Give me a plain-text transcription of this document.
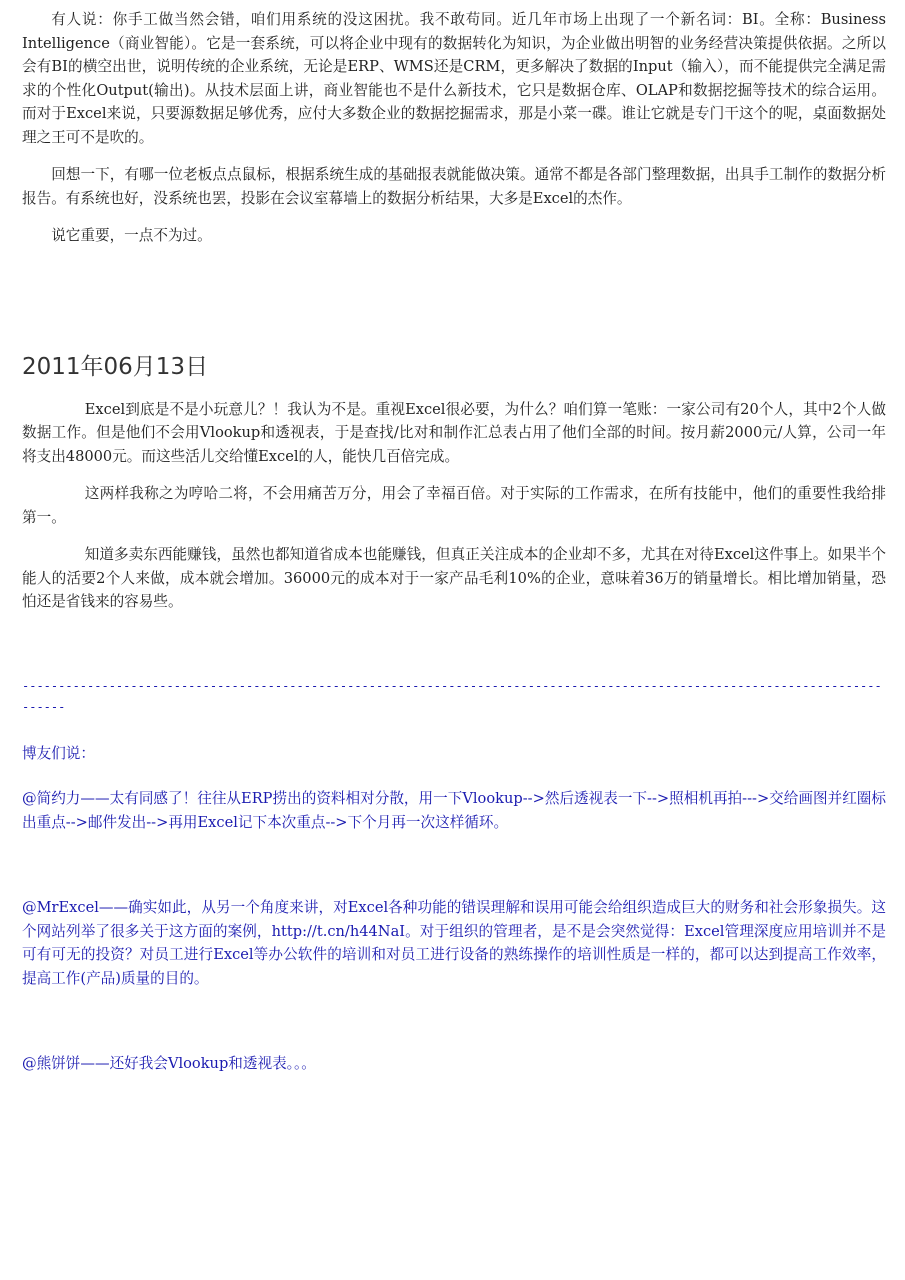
有人说：你手工做当然会错，咱们用系统的没这困扰。我不敢苟同。近几年市场上出现了一个新名词：BI。全称：Business Intelligence（商业智能）。它是一套系统，可以将企业中现有的数据转化为知识，为企业做出明智的业务经营决策提供依据。之所以会有BI的横空出世，说明传统的企业系统，无论是ERP、WMS还是CRM，更多解决了数据的Input（输入），而不能提供完全满足需求的个性化Output(输出)。从技术层面上讲，商业智能也不是什么新技术，它只是数据仓库、OLAP和数据挖掘等技术的综合运用。而对于Excel来说，只要源数据足够优秀，应付大多数企业的数据挖掘需求，那是小菜一碟。谁让它就是专门干这个的呢，桌面数据处理之王可不是吹的。

回想一下，有哪一位老板点点鼠标，根据系统生成的基础报表就能做决策。通常不都是各部门整理数据，出具手工制作的数据分析报告。有系统也好，没系统也罢，投影在会议室幕墙上的数据分析结果，大多是Excel的杰作。

说它重要，一点不为过。

2011年06月13日

Excel到底是不是小玩意儿？！我认为不是。重视Excel很必要，为什么？咱们算一笔账：一家公司有20个人，其中2个人做数据工作。但是他们不会用Vlookup和透视表，于是查找/比对和制作汇总表占用了他们全部的时间。按月薪2000元/人算，公司一年将支出48000元。而这些活儿交给懂Excel的人，能快几百倍完成。

这两样我称之为哼哈二将，不会用痛苦万分，用会了幸福百倍。对于实际的工作需求，在所有技能中，他们的重要性我给排第一。

知道多卖东西能赚钱，虽然也都知道省成本也能赚钱，但真正关注成本的企业却不多，尤其在对待Excel这件事上。如果半个能人的活要2个人来做，成本就会增加。36000元的成本对于一家产品毛利10%的企业，意味着36万的销量增长。相比增加销量，恐怕还是省钱来的容易些。

-----------------------------------------------------------------------------------------------------------------------------

博友们说：

@简约力——太有同感了！往往从ERP捞出的资料相对分散，用一下Vlookup-->然后透视表一下-->照相机再拍--->交给画图并红圈标出重点-->邮件发出-->再用Excel记下本次重点-->下个月再一次这样循环。

@MrExcel——确实如此，从另一个角度来讲，对Excel各种功能的错误理解和误用可能会给组织造成巨大的财务和社会形象损失。这个网站列举了很多关于这方面的案例，http://t.cn/h44NaI。对于组织的管理者，是不是会突然觉得：Excel管理深度应用培训并不是可有可无的投资？对员工进行Excel等办公软件的培训和对员工进行设备的熟练操作的培训性质是一样的，都可以达到提高工作效率，提高工作(产品)质量的目的。

@熊饼饼——还好我会Vlookup和透视表。。。
